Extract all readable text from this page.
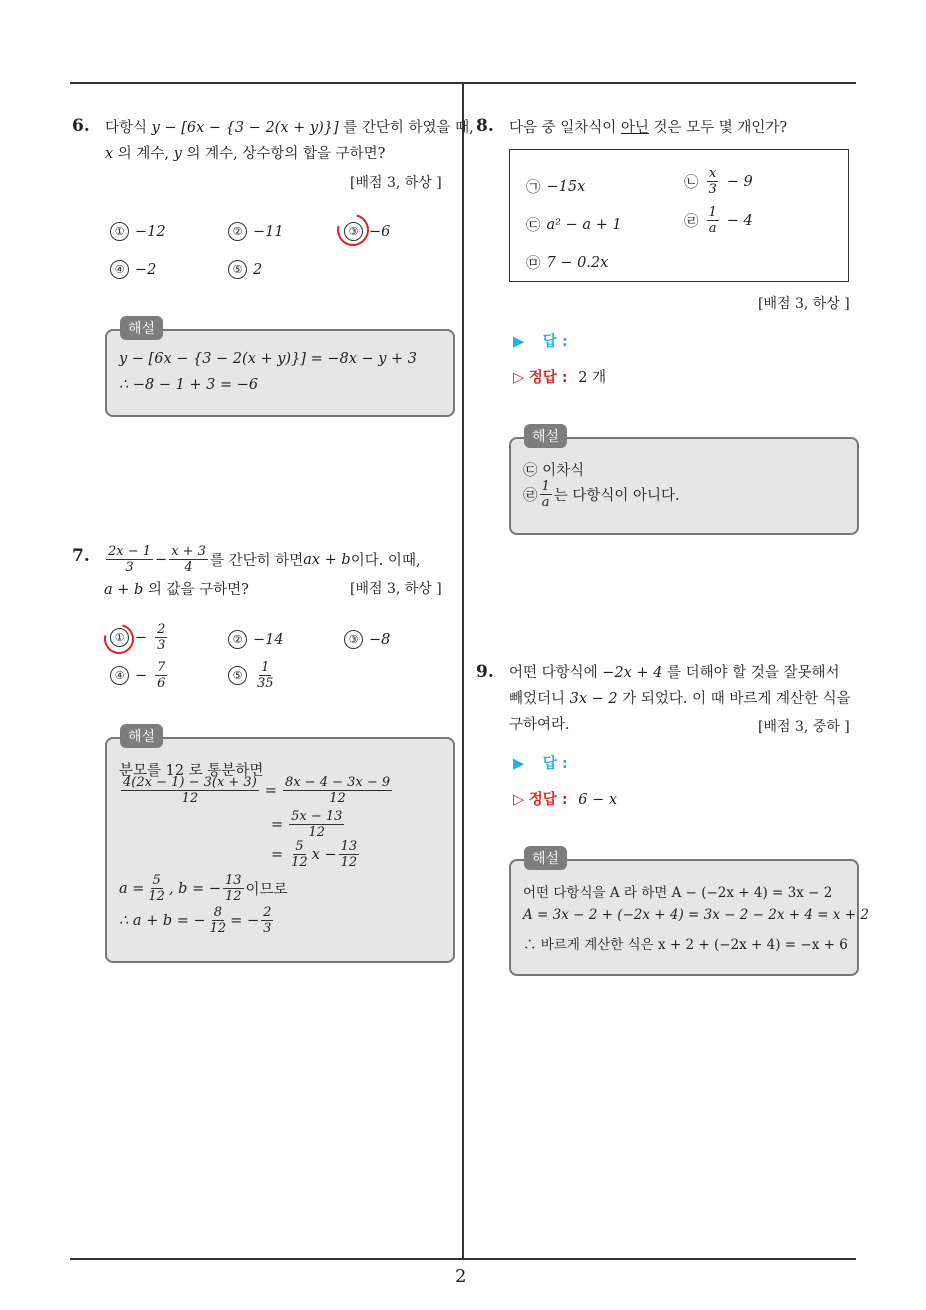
2
6. 다항식 y − [6x − {3 − 2(x + y)}] 를 간단히 하였을 때,
x 의 계수, y 의 계수, 상수항의 합을 구하면?
[배점 3, 하상 ]
① −12	② −11	③ −6
④ −2	⑤ 2
y − [6x − {3 − 2(x + y)}] = −8x − y + 3
∴ −8 − 1 + 3 = −6
해설
7. $\frac{2x - 1}{3} - \frac{x + 3}{4}$ 를 간단히 하면 ax + b 이다. 이때,
a + b 의 값을 구하면?	[배점 3, 하상 ]
① − $\frac{2}{3}$	② −14	③ −8
④ − $\frac{7}{6}$	⑤ $\frac{1}{35}$
분모를 12 로 통분하면
$\frac{4(2x - 1) - 3(x + 3)}{12} = \frac{8x - 4 - 3x - 9}{12}$
= $\frac{5x - 13}{12}$
= $\frac{5}{12}$ $x - \frac{13}{12}$
$a = \frac{5}{12}$ , b = − $\frac{13}{12}$ 이므로
∴ a + b = − $\frac{8}{12}$ = − $\frac{2}{3}$
해설
8. 다음 중 일차식이 아닌 것은 모두 몇 개인가?
㉠ −15x	㉡ $\frac{x}{3} - 9$
㉢ a² − a + 1	㉣ $\frac{1}{a} - 4$
㉤ 7 − 0.2x
[배점 3, 하상 ]
▶ 답 :
▷ 정답 : 2 개
㉢ 이차식
㉣ $\frac{1}{a}$ 는 다항식이 아니다.
해설
9. 어떤 다항식에 −2x + 4 를 더해야 할 것을 잘못해서
빼었더니 3x − 2 가 되었다. 이 때 바르게 계산한 식을
구하여라.	[배점 3, 중하 ]
▶ 답 :
▷ 정답 : 6 − x
어떤 다항식을 A 라 하면 A − (−2x + 4) = 3x − 2
A = 3x − 2 + (−2x + 4) = 3x − 2 − 2x + 4 = x + 2
∴ 바르게 계산한 식은 x + 2 + (−2x + 4) = −x + 6
해설
